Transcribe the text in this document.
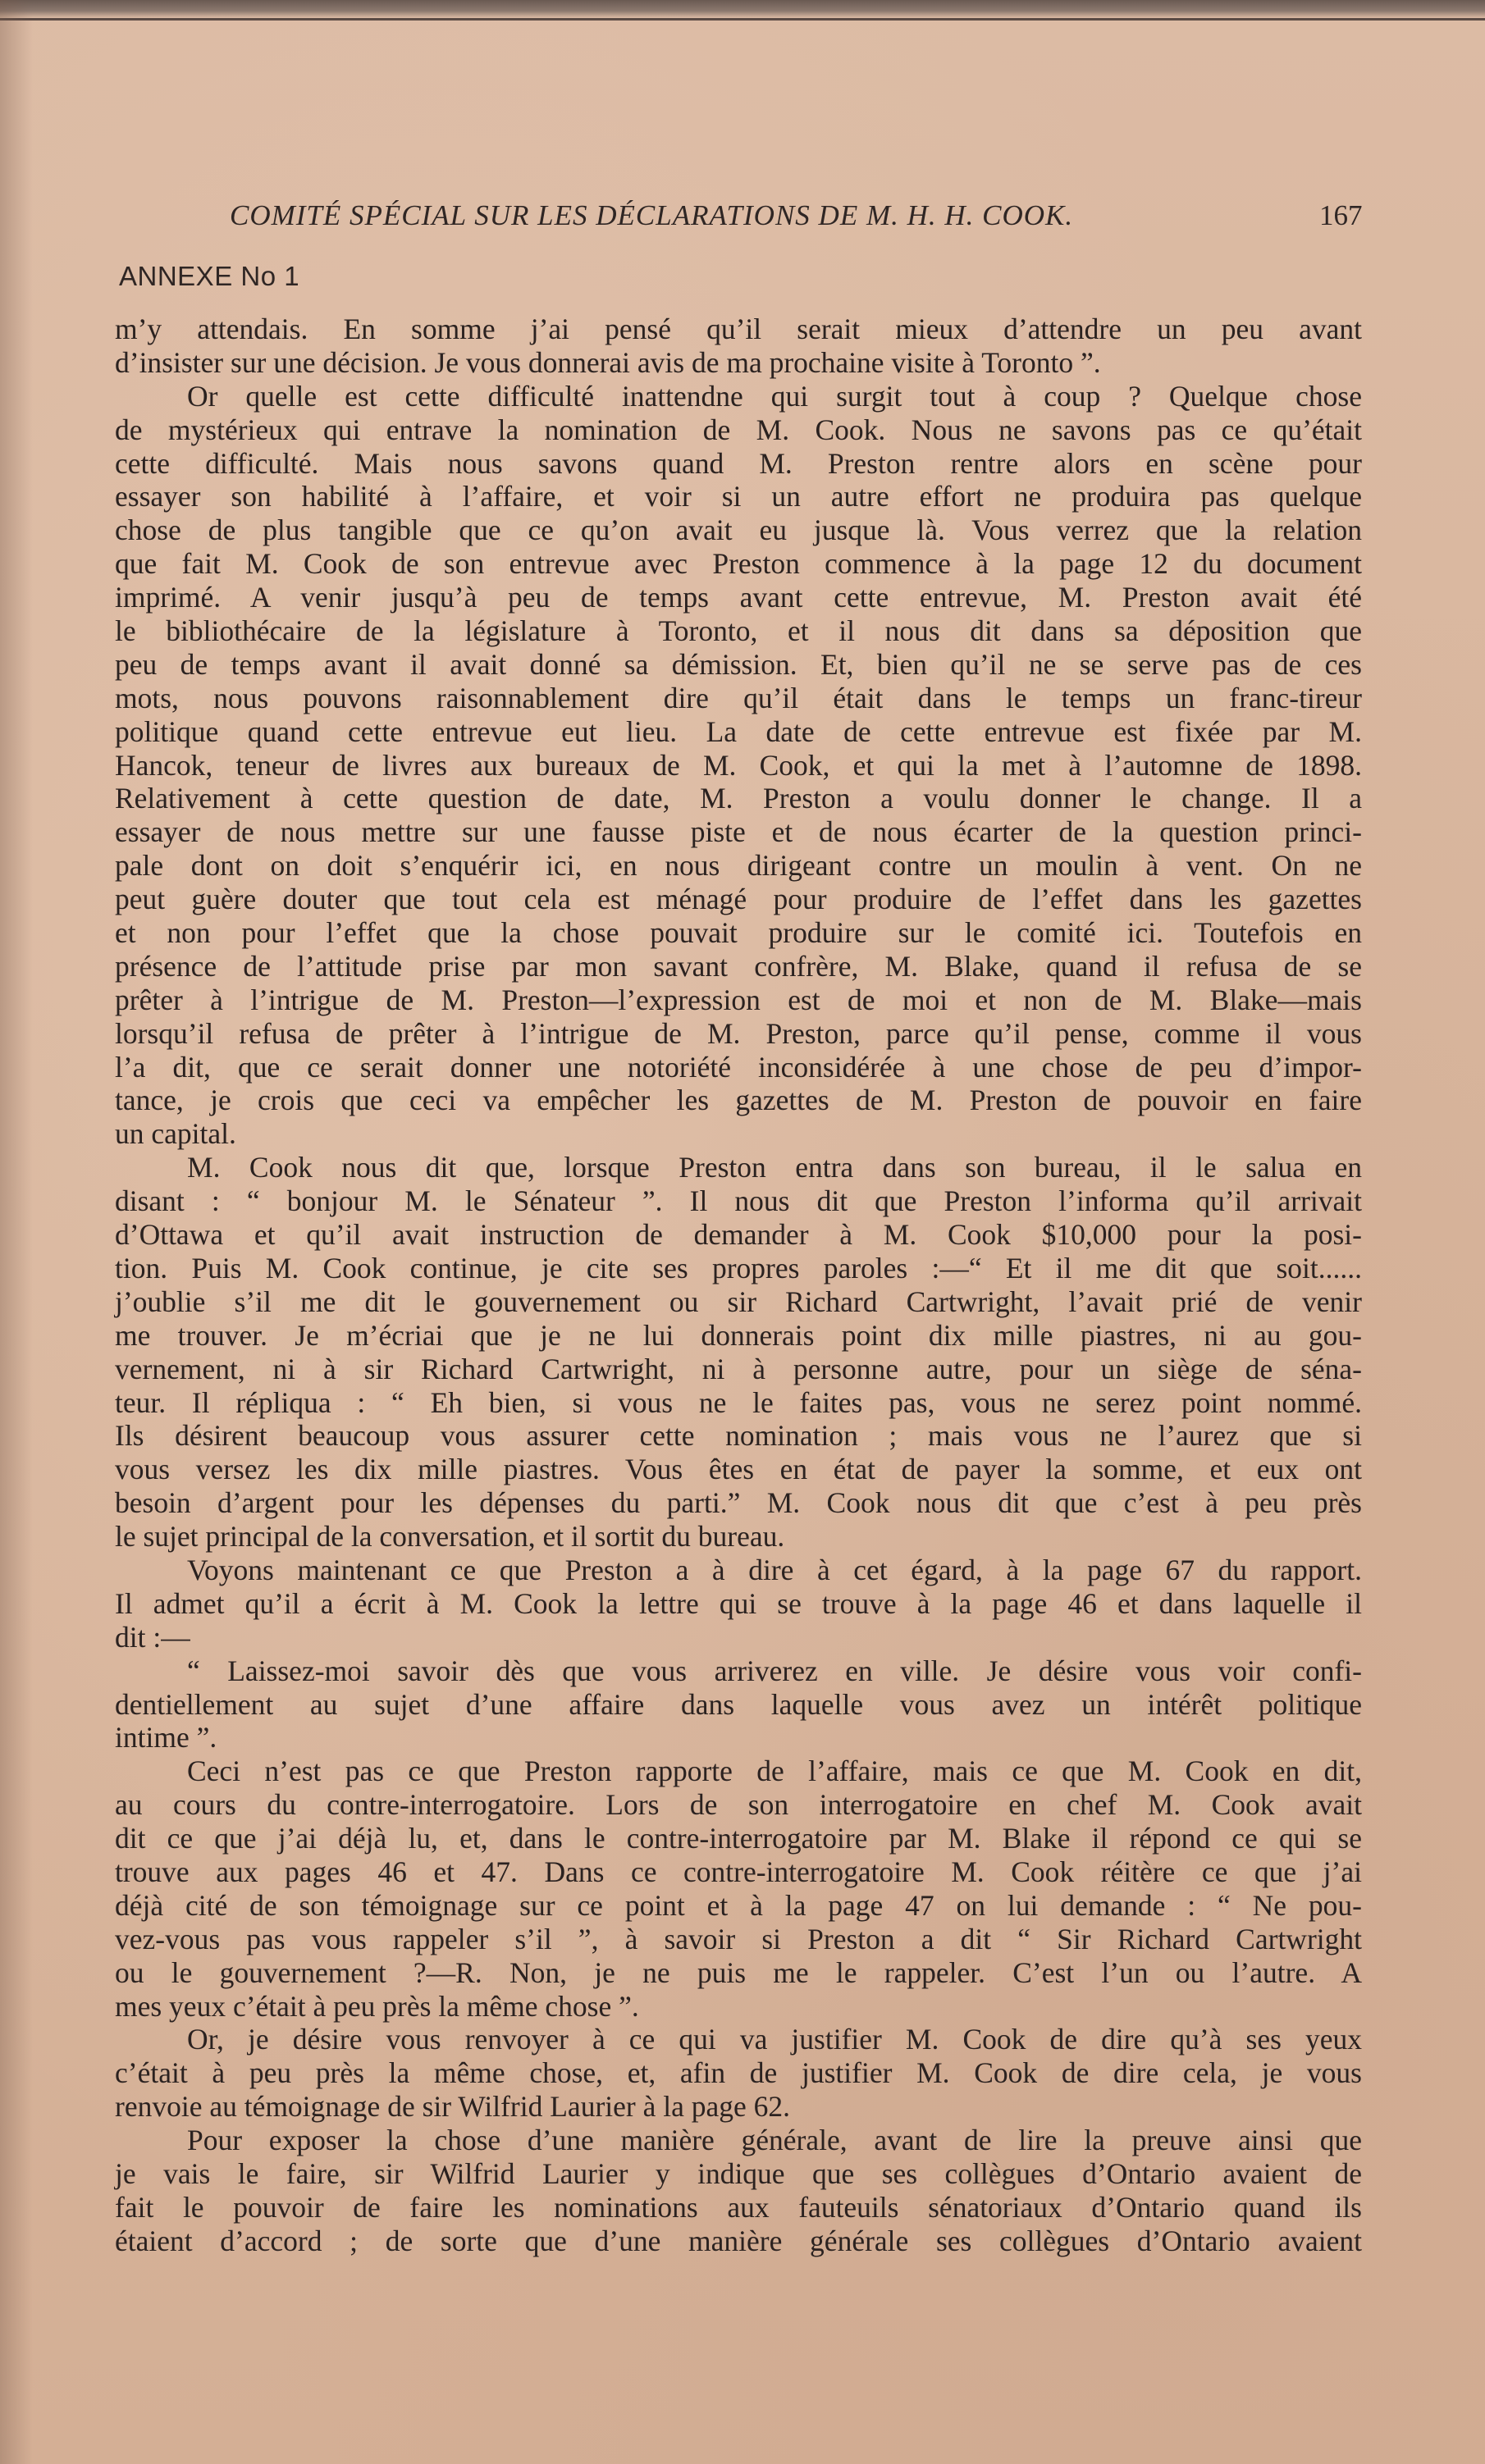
COMITÉ SPÉCIAL SUR LES DÉCLARATIONS DE M. H. H. COOK.	167
ANNEXE No 1
m’y attendais. En somme j’ai pensé qu’il serait mieux d’attendre un peu avant
d’insister sur une décision. Je vous donnerai avis de ma prochaine visite à Toronto ”.
Or quelle est cette difficulté inattendne qui surgit tout à coup ? Quelque chose
de mystérieux qui entrave la nomination de M. Cook. Nous ne savons pas ce qu’était
cette difficulté. Mais nous savons quand M. Preston rentre alors en scène pour
essayer son habilité à l’affaire, et voir si un autre effort ne produira pas quelque
chose de plus tangible que ce qu’on avait eu jusque là. Vous verrez que la relation
que fait M. Cook de son entrevue avec Preston commence à la page 12 du document
imprimé. A venir jusqu’à peu de temps avant cette entrevue, M. Preston avait été
le bibliothécaire de la législature à Toronto, et il nous dit dans sa déposition que
peu de temps avant il avait donné sa démission. Et, bien qu’il ne se serve pas de ces
mots, nous pouvons raisonnablement dire qu’il était dans le temps un franc-tireur
politique quand cette entrevue eut lieu. La date de cette entrevue est fixée par M.
Hancok, teneur de livres aux bureaux de M. Cook, et qui la met à l’automne de 1898.
Relativement à cette question de date, M. Preston a voulu donner le change. Il a
essayer de nous mettre sur une fausse piste et de nous écarter de la question princi-
pale dont on doit s’enquérir ici, en nous dirigeant contre un moulin à vent. On ne
peut guère douter que tout cela est ménagé pour produire de l’effet dans les gazettes
et non pour l’effet que la chose pouvait produire sur le comité ici. Toutefois en
présence de l’attitude prise par mon savant confrère, M. Blake, quand il refusa de se
prêter à l’intrigue de M. Preston—l’expression est de moi et non de M. Blake—mais
lorsqu’il refusa de prêter à l’intrigue de M. Preston, parce qu’il pense, comme il vous
l’a dit, que ce serait donner une notoriété inconsidérée à une chose de peu d’impor-
tance, je crois que ceci va empêcher les gazettes de M. Preston de pouvoir en faire
un capital.
M. Cook nous dit que, lorsque Preston entra dans son bureau, il le salua en
disant : “ bonjour M. le Sénateur ”. Il nous dit que Preston l’informa qu’il arrivait
d’Ottawa et qu’il avait instruction de demander à M. Cook $10,000 pour la posi-
tion. Puis M. Cook continue, je cite ses propres paroles :—“ Et il me dit que soit......
j’oublie s’il me dit le gouvernement ou sir Richard Cartwright, l’avait prié de venir
me trouver. Je m’écriai que je ne lui donnerais point dix mille piastres, ni au gou-
vernement, ni à sir Richard Cartwright, ni à personne autre, pour un siège de séna-
teur. Il répliqua : “ Eh bien, si vous ne le faites pas, vous ne serez point nommé.
Ils désirent beaucoup vous assurer cette nomination ; mais vous ne l’aurez que si
vous versez les dix mille piastres. Vous êtes en état de payer la somme, et eux ont
besoin d’argent pour les dépenses du parti.” M. Cook nous dit que c’est à peu près
le sujet principal de la conversation, et il sortit du bureau.
Voyons maintenant ce que Preston a à dire à cet égard, à la page 67 du rapport.
Il admet qu’il a écrit à M. Cook la lettre qui se trouve à la page 46 et dans laquelle il
dit :—
“ Laissez-moi savoir dès que vous arriverez en ville. Je désire vous voir confi-
dentiellement au sujet d’une affaire dans laquelle vous avez un intérêt politique
intime ”.
Ceci n’est pas ce que Preston rapporte de l’affaire, mais ce que M. Cook en dit,
au cours du contre-interrogatoire. Lors de son interrogatoire en chef M. Cook avait
dit ce que j’ai déjà lu, et, dans le contre-interrogatoire par M. Blake il répond ce qui se
trouve aux pages 46 et 47. Dans ce contre-interrogatoire M. Cook réitère ce que j’ai
déjà cité de son témoignage sur ce point et à la page 47 on lui demande : “ Ne pou-
vez-vous pas vous rappeler s’il ”, à savoir si Preston a dit “ Sir Richard Cartwright
ou le gouvernement ?—R. Non, je ne puis me le rappeler. C’est l’un ou l’autre. A
mes yeux c’était à peu près la même chose ”.
Or, je désire vous renvoyer à ce qui va justifier M. Cook de dire qu’à ses yeux
c’était à peu près la même chose, et, afin de justifier M. Cook de dire cela, je vous
renvoie au témoignage de sir Wilfrid Laurier à la page 62.
Pour exposer la chose d’une manière générale, avant de lire la preuve ainsi que
je vais le faire, sir Wilfrid Laurier y indique que ses collègues d’Ontario avaient de
fait le pouvoir de faire les nominations aux fauteuils sénatoriaux d’Ontario quand ils
étaient d’accord ; de sorte que d’une manière générale ses collègues d’Ontario avaient
